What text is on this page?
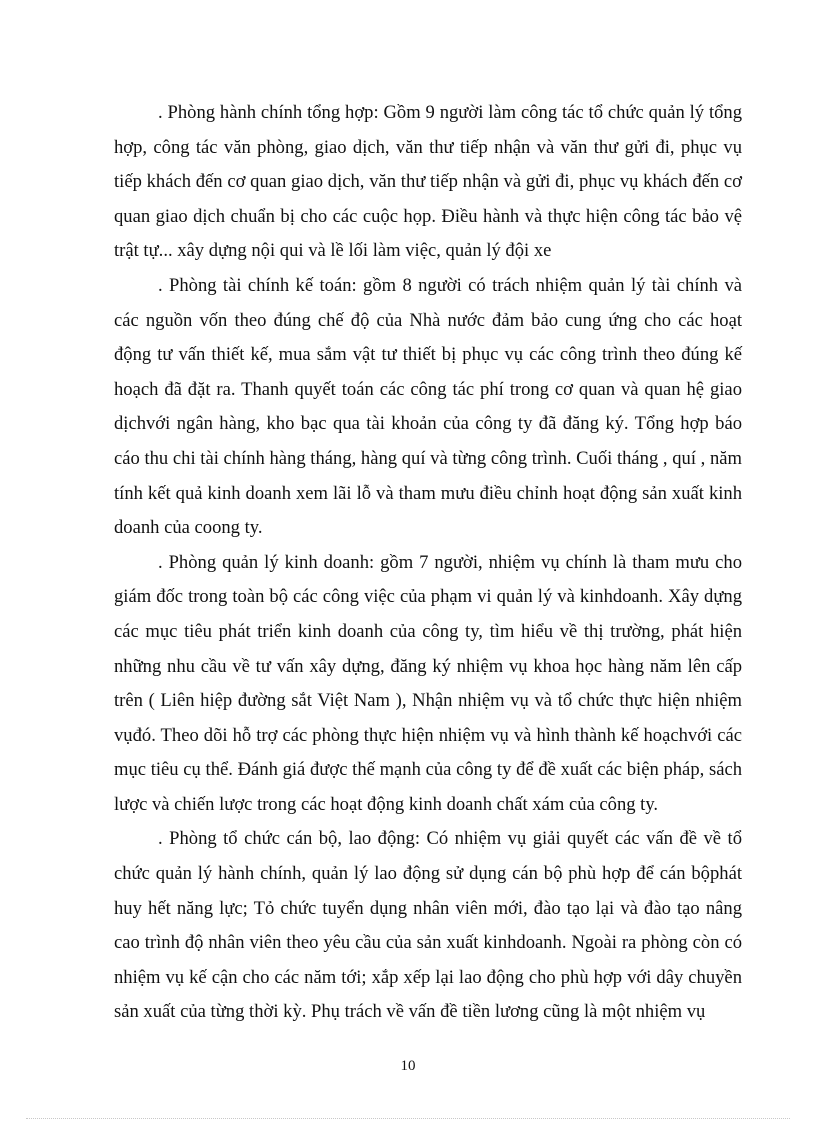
. Phòng hành chính tổng hợp: Gồm 9 người làm công tác tổ chức quản lý tổng hợp, công tác văn phòng, giao dịch, văn thư tiếp nhận và văn thư gửi đi, phục vụ tiếp khách đến cơ quan giao dịch, văn thư tiếp nhận và gửi đi, phục vụ khách đến cơ quan giao dịch chuẩn bị cho các cuộc họp. Điều hành và thực hiện công tác bảo vệ trật tự... xây dựng nội qui và lề lối làm việc, quản lý đội xe

. Phòng tài chính kế toán: gồm 8 người có trách nhiệm quản lý tài chính và các nguồn vốn theo đúng chế độ của Nhà nước đảm bảo cung ứng cho các hoạt động tư vấn thiết kế, mua sắm vật tư thiết bị phục vụ các công trình theo đúng kế hoạch đã đặt ra. Thanh quyết toán các công tác phí trong cơ quan và quan hệ giao dịchvới ngân hàng, kho bạc qua tài khoản của công ty đã đăng ký. Tổng hợp báo cáo thu chi tài chính hàng tháng, hàng quí và từng công trình. Cuối tháng , quí , năm tính kết quả kinh doanh xem lãi lỗ và tham mưu điều chỉnh hoạt động sản xuất kinh doanh của coong ty.

. Phòng quản lý kinh doanh: gồm 7 người, nhiệm vụ chính là tham mưu cho giám đốc trong toàn bộ các công việc của phạm vi quản lý và kinhdoanh. Xây dựng các mục tiêu phát triển kinh doanh của công ty, tìm hiểu về thị trường, phát hiện những nhu cầu về tư vấn xây dựng, đăng ký nhiệm vụ khoa học hàng năm lên cấp trên ( Liên hiệp đường sắt Việt Nam ), Nhận nhiệm vụ và tổ chức thực hiện nhiệm vụđó. Theo dõi hỗ trợ các phòng thực hiện nhiệm vụ và hình thành kế hoạchvới các mục tiêu cụ thể. Đánh giá được thế mạnh của công ty để đề xuất các biện pháp, sách lược và chiến lược trong các hoạt động kinh doanh chất xám của công ty.

. Phòng tổ chức cán bộ, lao động: Có nhiệm vụ giải quyết các vấn đề về tổ chức quản lý hành chính, quản lý lao động sử dụng cán bộ phù hợp để cán bộphát huy hết năng lực; Tỏ chức tuyển dụng nhân viên mới, đào tạo lại và đào tạo nâng cao trình độ nhân viên theo yêu cầu của sản xuất kinhdoanh. Ngoài ra phòng còn có nhiệm vụ kế cận cho các năm tới; xắp xếp lại lao động cho phù hợp với dây chuyền sản xuất của từng thời kỳ. Phụ trách về vấn đề tiền lương cũng là một nhiệm vụ

10
